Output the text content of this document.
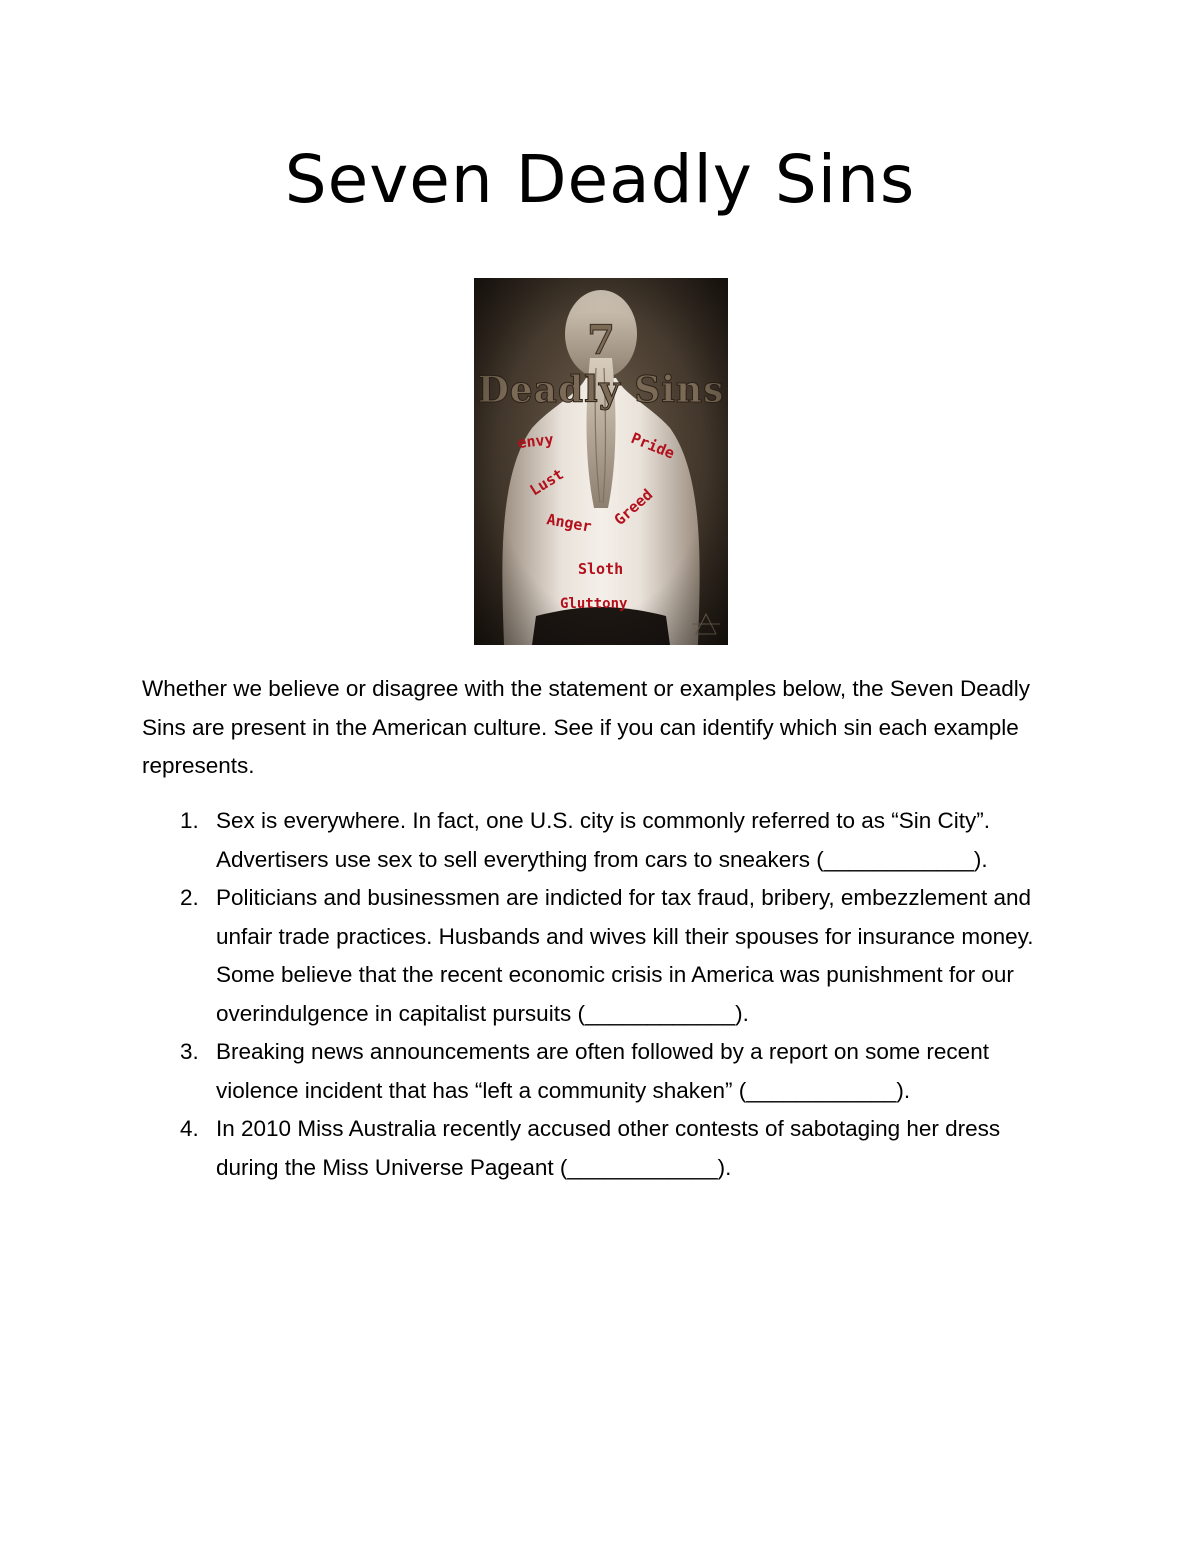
Seven Deadly Sins

Whether we believe or disagree with the statement or examples below, the Seven Deadly Sins are present in the American culture. See if you can identify which sin each example represents.

1. Sex is everywhere. In fact, one U.S. city is commonly referred to as “Sin City”. Advertisers use sex to sell everything from cars to sneakers (____________).
2. Politicians and businessmen are indicted for tax fraud, bribery, embezzlement and unfair trade practices. Husbands and wives kill their spouses for insurance money. Some believe that the recent economic crisis in America was punishment for our overindulgence in capitalist pursuits (____________).
3. Breaking news announcements are often followed by a report on some recent violence incident that has “left a community shaken” (____________).
4. In 2010 Miss Australia recently accused other contests of sabotaging her dress during the Miss Universe Pageant (____________).
